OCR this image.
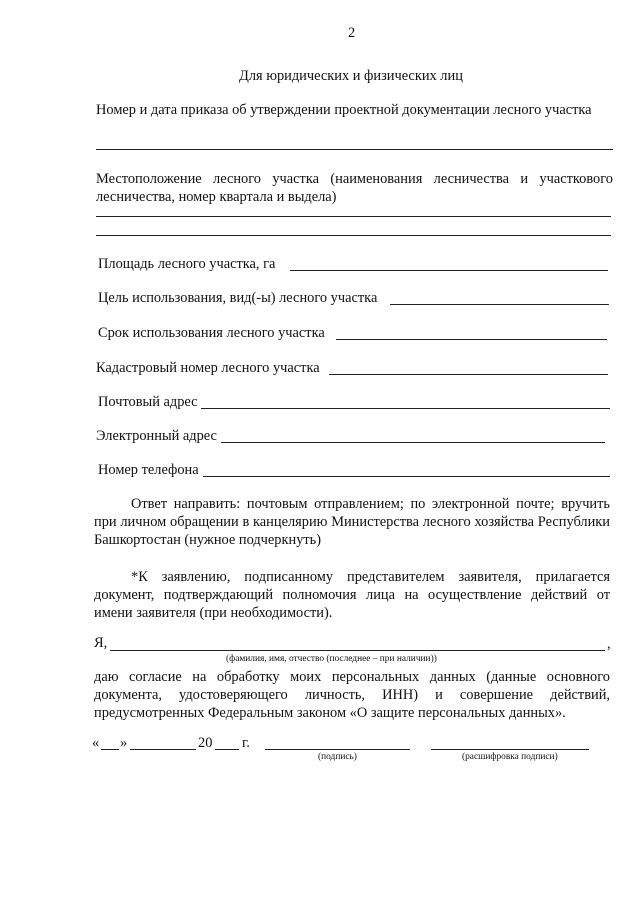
2
Для юридических и физических лиц
Номер и дата приказа об утверждении проектной документации лесного участка
Местоположение лесного участка (наименования лесничества и участкового лесничества, номер квартала и выдела)
Площадь лесного участка, га
Цель использования, вид(-ы) лесного участка
Срок использования лесного участка
Кадастровый номер лесного участка
Почтовый адрес
Электронный адрес
Номер телефона
Ответ направить: почтовым отправлением; по электронной почте; вручить при личном обращении в канцелярию Министерства лесного хозяйства Республики Башкортостан (нужное подчеркнуть)
*К заявлению, подписанному представителем заявителя, прилагается документ, подтверждающий полномочия лица на осуществление действий от имени заявителя (при необходимости).
Я,	,
(фамилия, имя, отчество (последнее – при наличии))
даю согласие на обработку моих персональных данных (данные основного документа, удостоверяющего личность, ИНН) и совершение действий, предусмотренных Федеральным законом «О защите персональных данных».
« »	20 г.
(подпись)	(расшифровка подписи)
